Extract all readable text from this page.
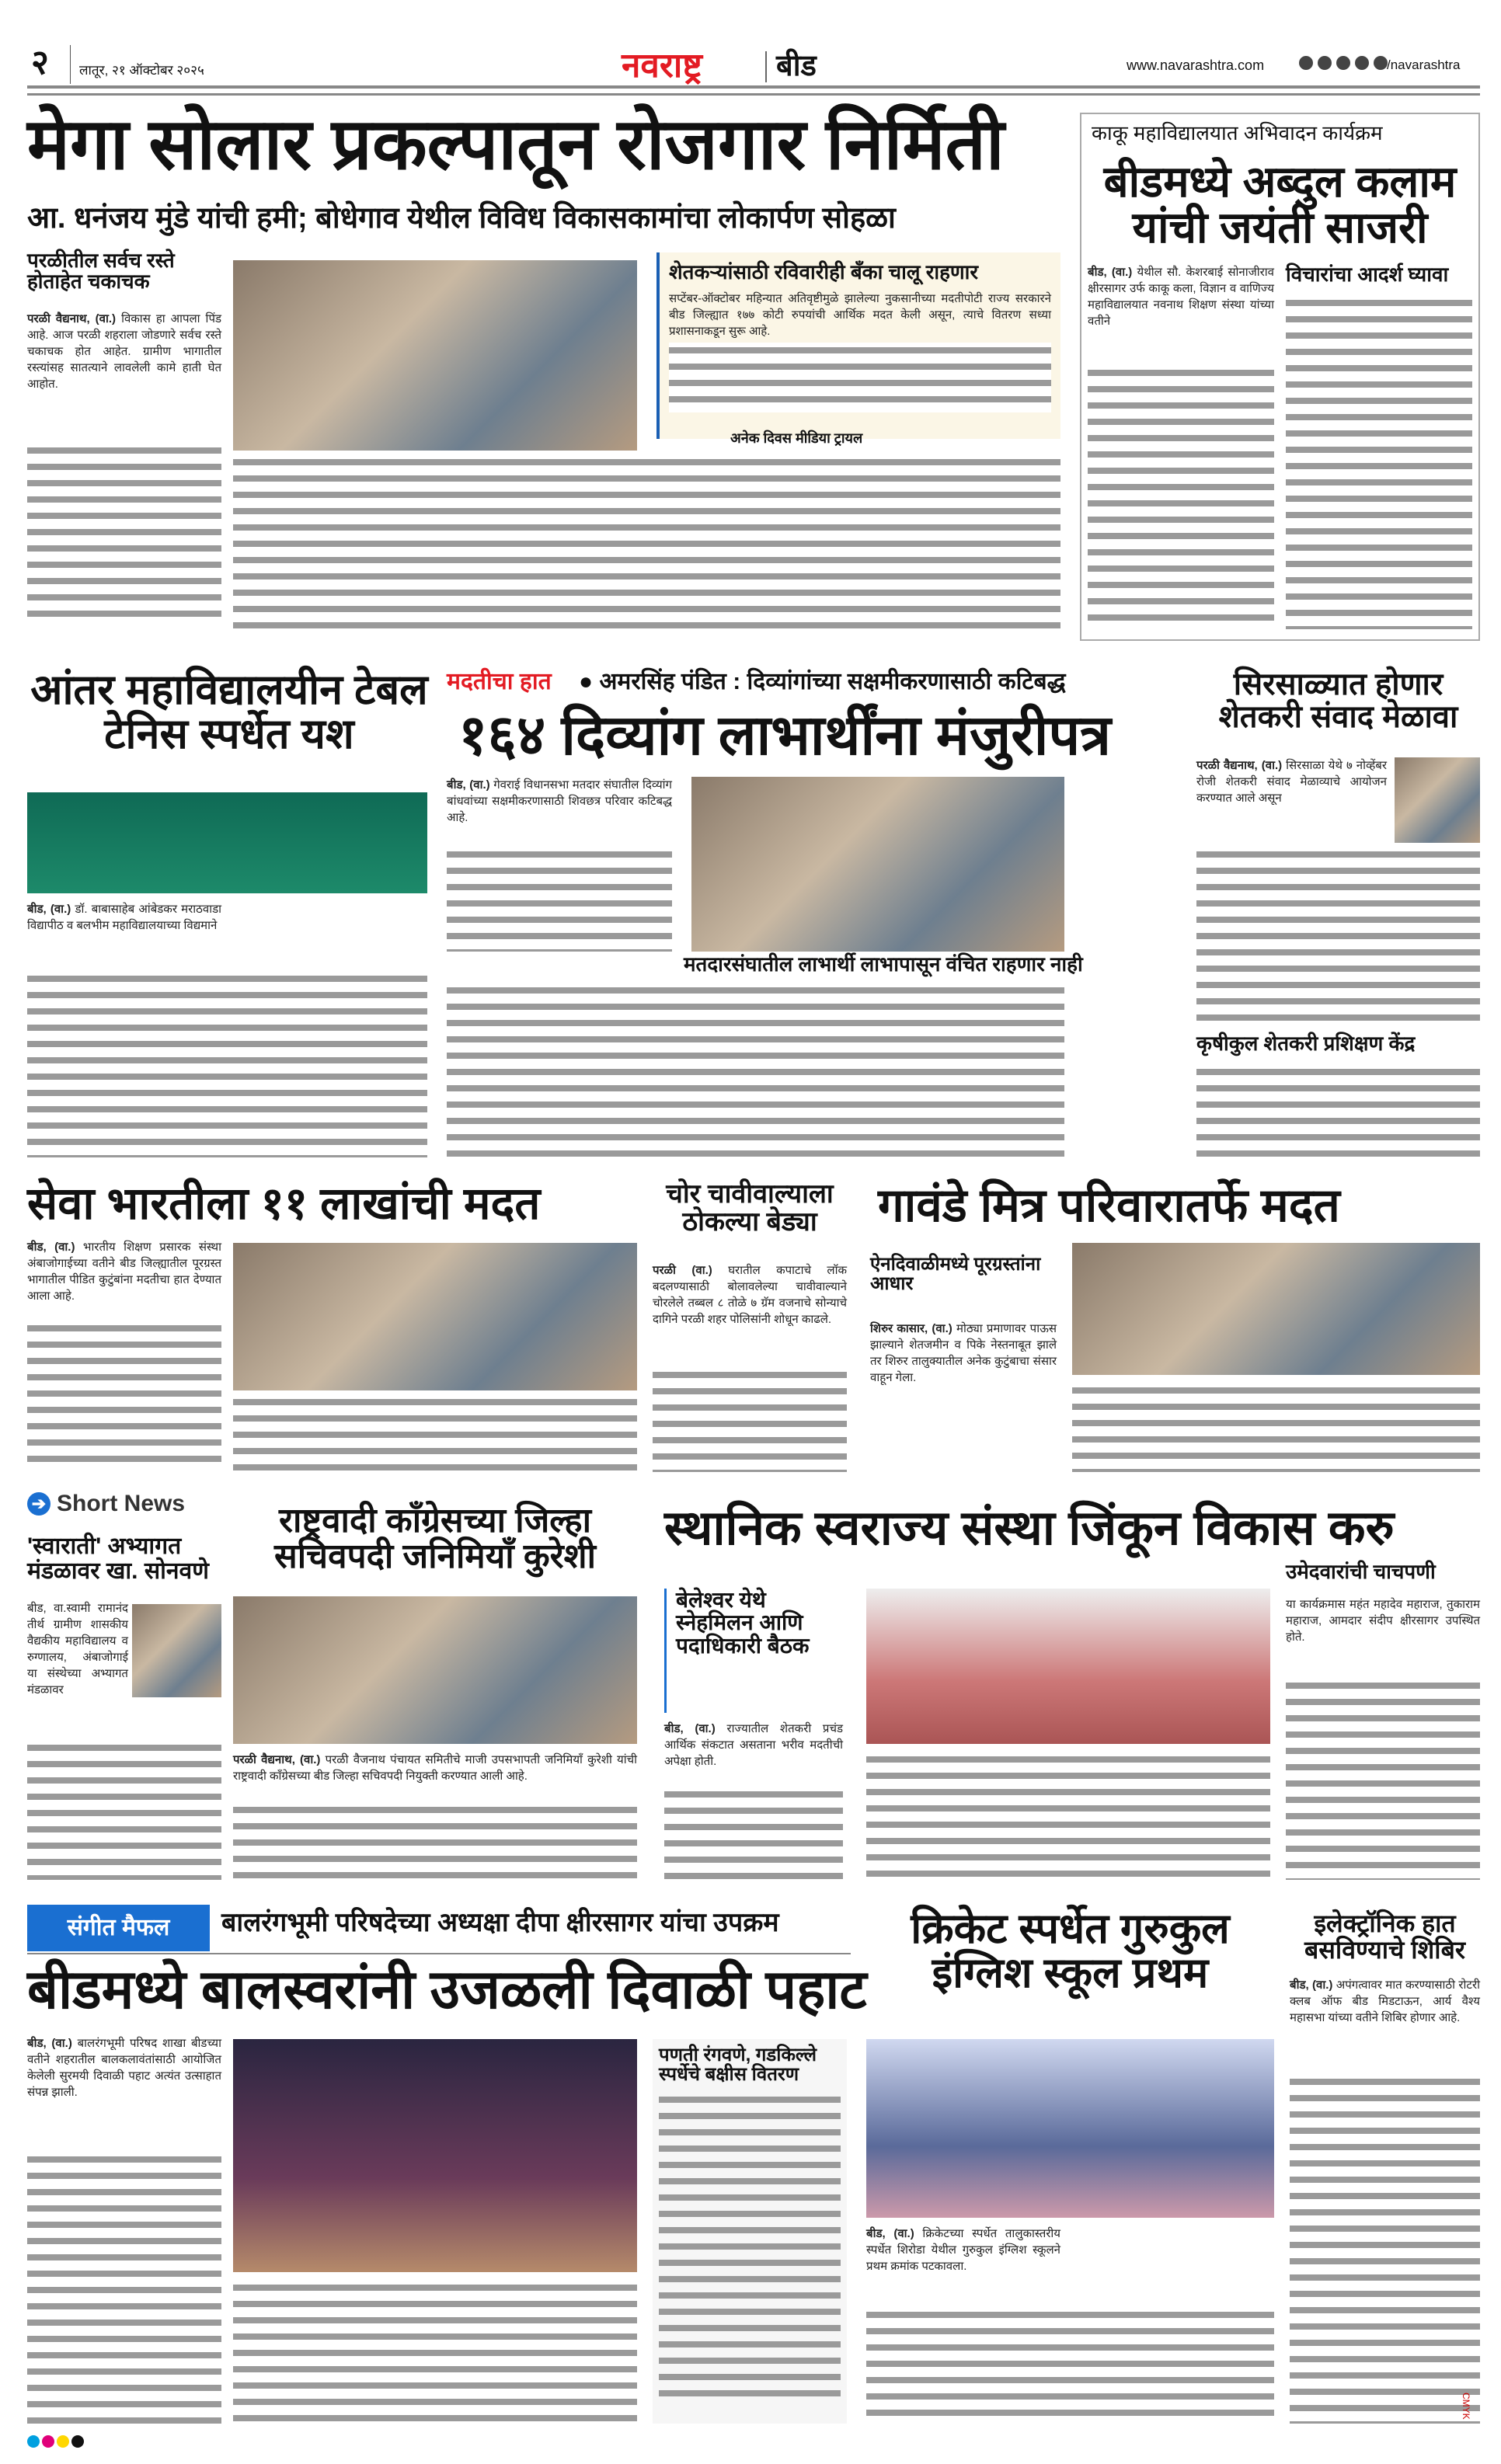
२ लातूर, २१ ऑक्टोबर २०२५	नवराष्ट्र	बीड	www.navarashtra.com	/navarashtra
मेगा सोलार प्रकल्पातून रोजगार निर्मिती
आ. धनंजय मुंडे यांची हमी; बोधेगाव येथील विविध विकासकामांचा लोकार्पण सोहळा
परळीतील सर्वच रस्ते होताहेत चकाचक
परळी वैद्यनाथ, (वा.) विकास हा आपला पिंड आहे. आज परळी शहराला जोडणारे सर्वच रस्ते चकाचक होत आहेत. ग्रामीण भागातील रस्त्यांसह सातत्याने लावलेली कामे हाती घेत आहोत.
शेतकऱ्यांसाठी रविवारीही बँका चालू राहणार
सप्टेंबर-ऑक्टोबर महिन्यात अतिवृष्टीमुळे झालेल्या नुकसानीच्या मदतीपोटी राज्य सरकारने बीड जिल्ह्यात १७७ कोटी रुपयांची आर्थिक मदत केली असून, त्याचे वितरण सध्या प्रशासनाकडून सुरू आहे.
अनेक दिवस मीडिया ट्रायल
काकू महाविद्यालयात अभिवादन कार्यक्रम
बीडमध्ये अब्दुल कलाम यांची जयंती साजरी
बीड, (वा.) येथील सौ. केशरबाई सोनाजीराव क्षीरसागर उर्फ काकू कला, विज्ञान व वाणिज्य महाविद्यालयात नवनाथ शिक्षण संस्था यांच्या वतीने
विचारांचा आदर्श घ्यावा
आंतर महाविद्यालयीन टेबल टेनिस स्पर्धेत यश
बीड, (वा.) डॉ. बाबासाहेब आंबेडकर मराठवाडा विद्यापीठ व बलभीम महाविद्यालयाच्या विद्यमाने
मदतीचा हात ● अमरसिंह पंडित : दिव्यांगांच्या सक्षमीकरणासाठी कटिबद्ध
१६४ दिव्यांग लाभार्थींना मंजुरीपत्र
बीड, (वा.) गेवराई विधानसभा मतदार संघातील दिव्यांग बांधवांच्या सक्षमीकरणासाठी शिवछत्र परिवार कटिबद्ध आहे.
मतदारसंघातील लाभार्थी लाभापासून वंचित राहणार नाही
सिरसाळ्यात होणार शेतकरी संवाद मेळावा
परळी वैद्यनाथ, (वा.) सिरसाळा येथे ७ नोव्हेंबर रोजी शेतकरी संवाद मेळाव्याचे आयोजन करण्यात आले असून
कृषीकुल शेतकरी प्रशिक्षण केंद्र
सेवा भारतीला ११ लाखांची मदत
बीड, (वा.) भारतीय शिक्षण प्रसारक संस्था अंबाजोगाईच्या वतीने बीड जिल्ह्यातील पूरग्रस्त भागातील पीडित कुटुंबांना मदतीचा हात देण्यात आला आहे.
चोर चावीवाल्याला ठोकल्या बेड्या
परळी (वा.) घरातील कपाटाचे लॉक बदलण्यासाठी बोलावलेल्या चावीवाल्याने चोरलेले तब्बल ८ तोळे ७ ग्रॅम वजनाचे सोन्याचे दागिने परळी शहर पोलिसांनी शोधून काढले.
गावंडे मित्र परिवारातर्फे मदत
ऐनदिवाळीमध्ये पूरग्रस्तांना आधार
शिरुर कासार, (वा.) मोठ्या प्रमाणावर पाऊस झाल्याने शेतजमीन व पिके नेस्तनाबूत झाले तर शिरुर तालुक्यातील अनेक कुटुंबाचा संसार वाहून गेला.
➔ Short News
'स्वाराती' अभ्यागत मंडळावर खा. सोनवणे
बीड, वा.स्वामी रामानंद तीर्थ ग्रामीण शासकीय वैद्यकीय महाविद्यालय व रुग्णालय, अंबाजोगाई या संस्थेच्या अभ्यागत मंडळावर
राष्ट्रवादी काँग्रेसच्या जिल्हा सचिवपदी जनिमियाँ कुरेशी
परळी वैद्यनाथ, (वा.) परळी वैजनाथ पंचायत समितीचे माजी उपसभापती जनिमियाँ कुरेशी यांची राष्ट्रवादी काँग्रेसच्या बीड जिल्हा सचिवपदी नियुक्ती करण्यात आली आहे.
स्थानिक स्वराज्य संस्था जिंकून विकास करु
बेलेश्वर येथे स्नेहमिलन आणि पदाधिकारी बैठक
बीड, (वा.) राज्यातील शेतकरी प्रचंड आर्थिक संकटात असताना भरीव मदतीची अपेक्षा होती.
उमेदवारांची चाचपणी
या कार्यक्रमास महंत महादेव महाराज, तुकाराम महाराज, आमदार संदीप क्षीरसागर उपस्थित होते.
संगीत मैफल	बालरंगभूमी परिषदेच्या अध्यक्षा दीपा क्षीरसागर यांचा उपक्रम
बीडमध्ये बालस्वरांनी उजळली दिवाळी पहाट
बीड, (वा.) बालरंगभूमी परिषद शाखा बीडच्या वतीने शहरातील बालकलावंतांसाठी आयोजित केलेली सुरमयी दिवाळी पहाट अत्यंत उत्साहात संपन्न झाली.
पणती रंगवणे, गडकिल्ले स्पर्धेचे बक्षीस वितरण
क्रिकेट स्पर्धेत गुरुकुल इंग्लिश स्कूल प्रथम
बीड, (वा.) क्रिकेटच्या स्पर्धेत तालुकास्तरीय स्पर्धेत शिरोडा येथील गुरुकुल इंग्लिश स्कूलने प्रथम क्रमांक पटकावला.
इलेक्ट्रॉनिक हात बसविण्याचे शिबिर
बीड, (वा.) अपंगत्वावर मात करण्यासाठी रोटरी क्लब ऑफ बीड मिडटाऊन, आर्य वैश्य महासभा यांच्या वतीने शिबिर होणार आहे.
CMYK
